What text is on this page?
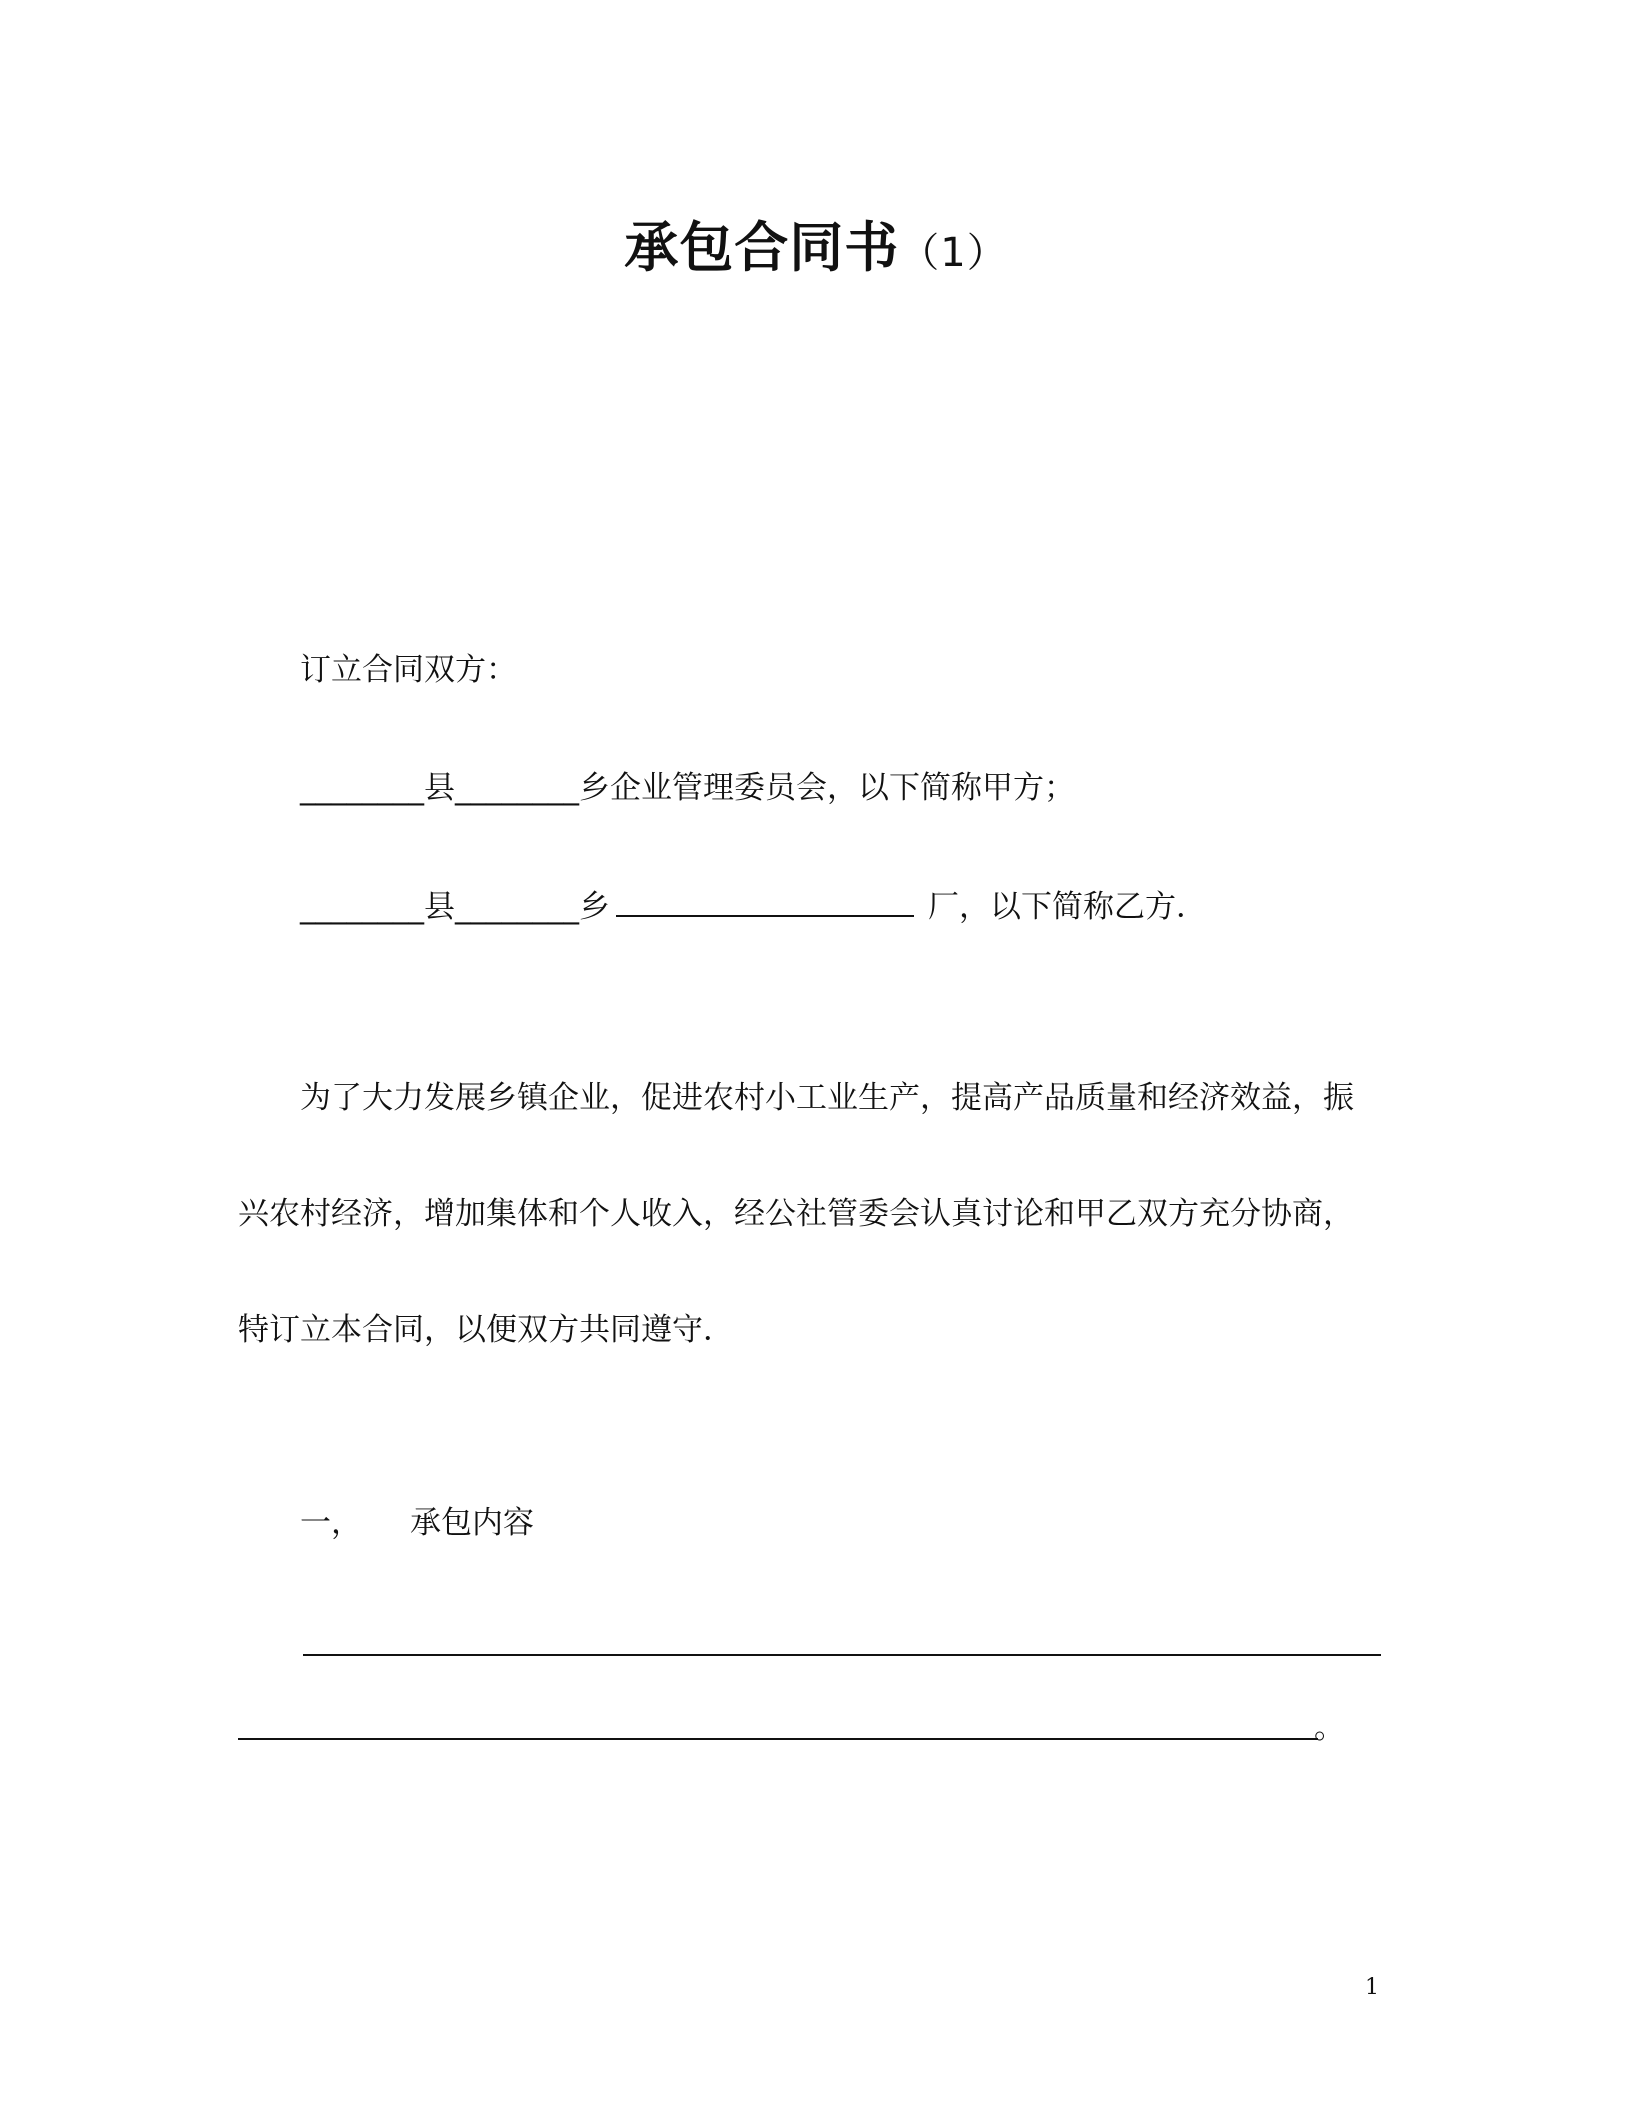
承包合同书（1）
订立合同双方：
________县________乡企业管理委员会，以下简称甲方；
________县________乡	厂，以下简称乙方．
为了大力发展乡镇企业，促进农村小工业生产，提高产品质量和经济效益，振
兴农村经济，增加集体和个人收入，经公社管委会认真讨论和甲乙双方充分协商，
特订立本合同，以便双方共同遵守．
一， 承包内容
。
1
